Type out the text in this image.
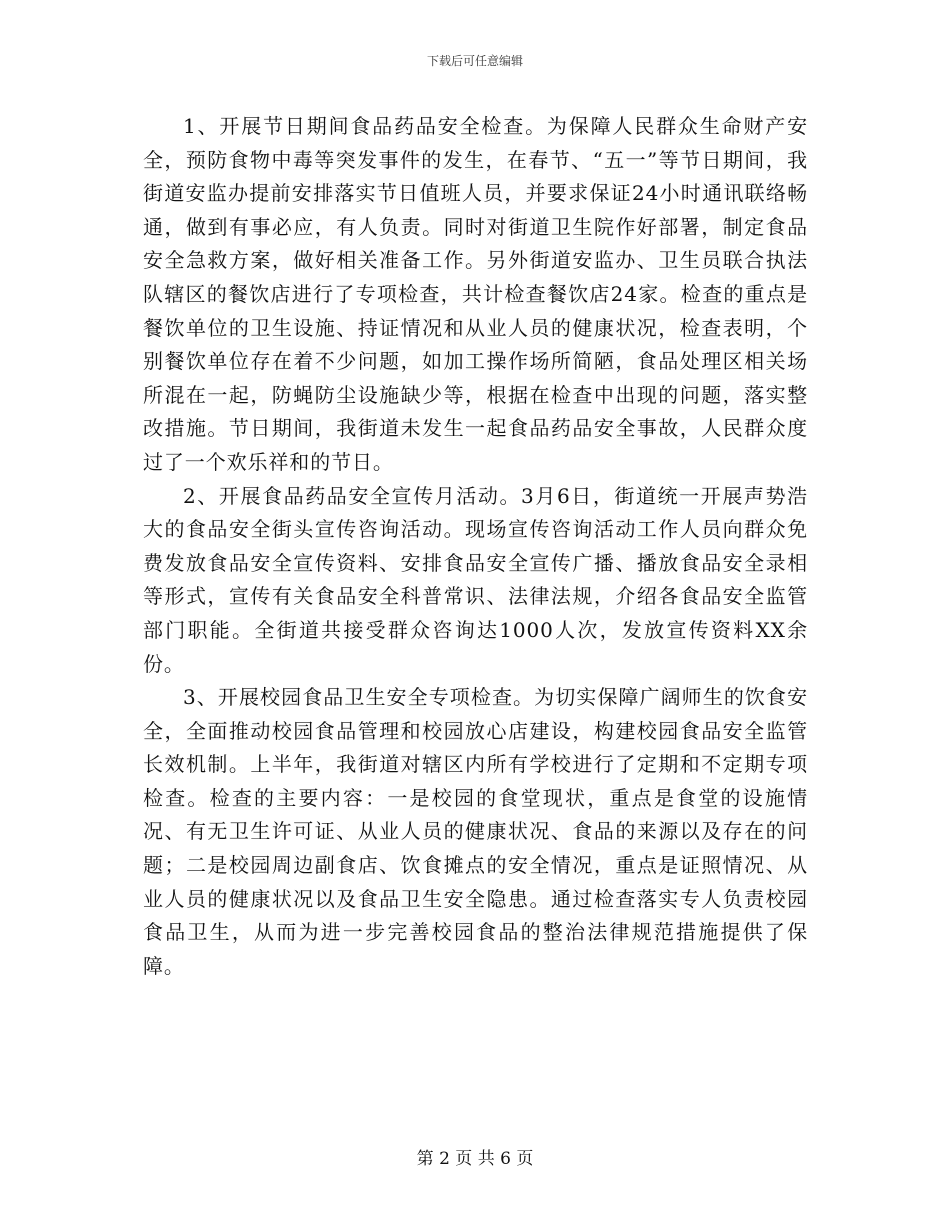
下载后可任意编辑

1、开展节日期间食品药品安全检查。为保障人民群众生命财产安全，预防食物中毒等突发事件的发生，在春节、“五一”等节日期间，我街道安监办提前安排落实节日值班人员，并要求保证24小时通讯联络畅通，做到有事必应，有人负责。同时对街道卫生院作好部署，制定食品安全急救方案，做好相关准备工作。另外街道安监办、卫生员联合执法队辖区的餐饮店进行了专项检查，共计检查餐饮店24家。检查的重点是餐饮单位的卫生设施、持证情况和从业人员的健康状况，检查表明，个别餐饮单位存在着不少问题，如加工操作场所简陋，食品处理区相关场所混在一起，防蝇防尘设施缺少等，根据在检查中出现的问题，落实整改措施。节日期间，我街道未发生一起食品药品安全事故，人民群众度过了一个欢乐祥和的节日。

2、开展食品药品安全宣传月活动。3月6日，街道统一开展声势浩大的食品安全街头宣传咨询活动。现场宣传咨询活动工作人员向群众免费发放食品安全宣传资料、安排食品安全宣传广播、播放食品安全录相等形式，宣传有关食品安全科普常识、法律法规，介绍各食品安全监管部门职能。全街道共接受群众咨询达1000人次，发放宣传资料XX余份。

3、开展校园食品卫生安全专项检查。为切实保障广阔师生的饮食安全，全面推动校园食品管理和校园放心店建设，构建校园食品安全监管长效机制。上半年，我街道对辖区内所有学校进行了定期和不定期专项检查。检查的主要内容：一是校园的食堂现状，重点是食堂的设施情况、有无卫生许可证、从业人员的健康状况、食品的来源以及存在的问题；二是校园周边副食店、饮食摊点的安全情况，重点是证照情况、从业人员的健康状况以及食品卫生安全隐患。通过检查落实专人负责校园食品卫生，从而为进一步完善校园食品的整治法律规范措施提供了保障。

第 2 页 共 6 页
